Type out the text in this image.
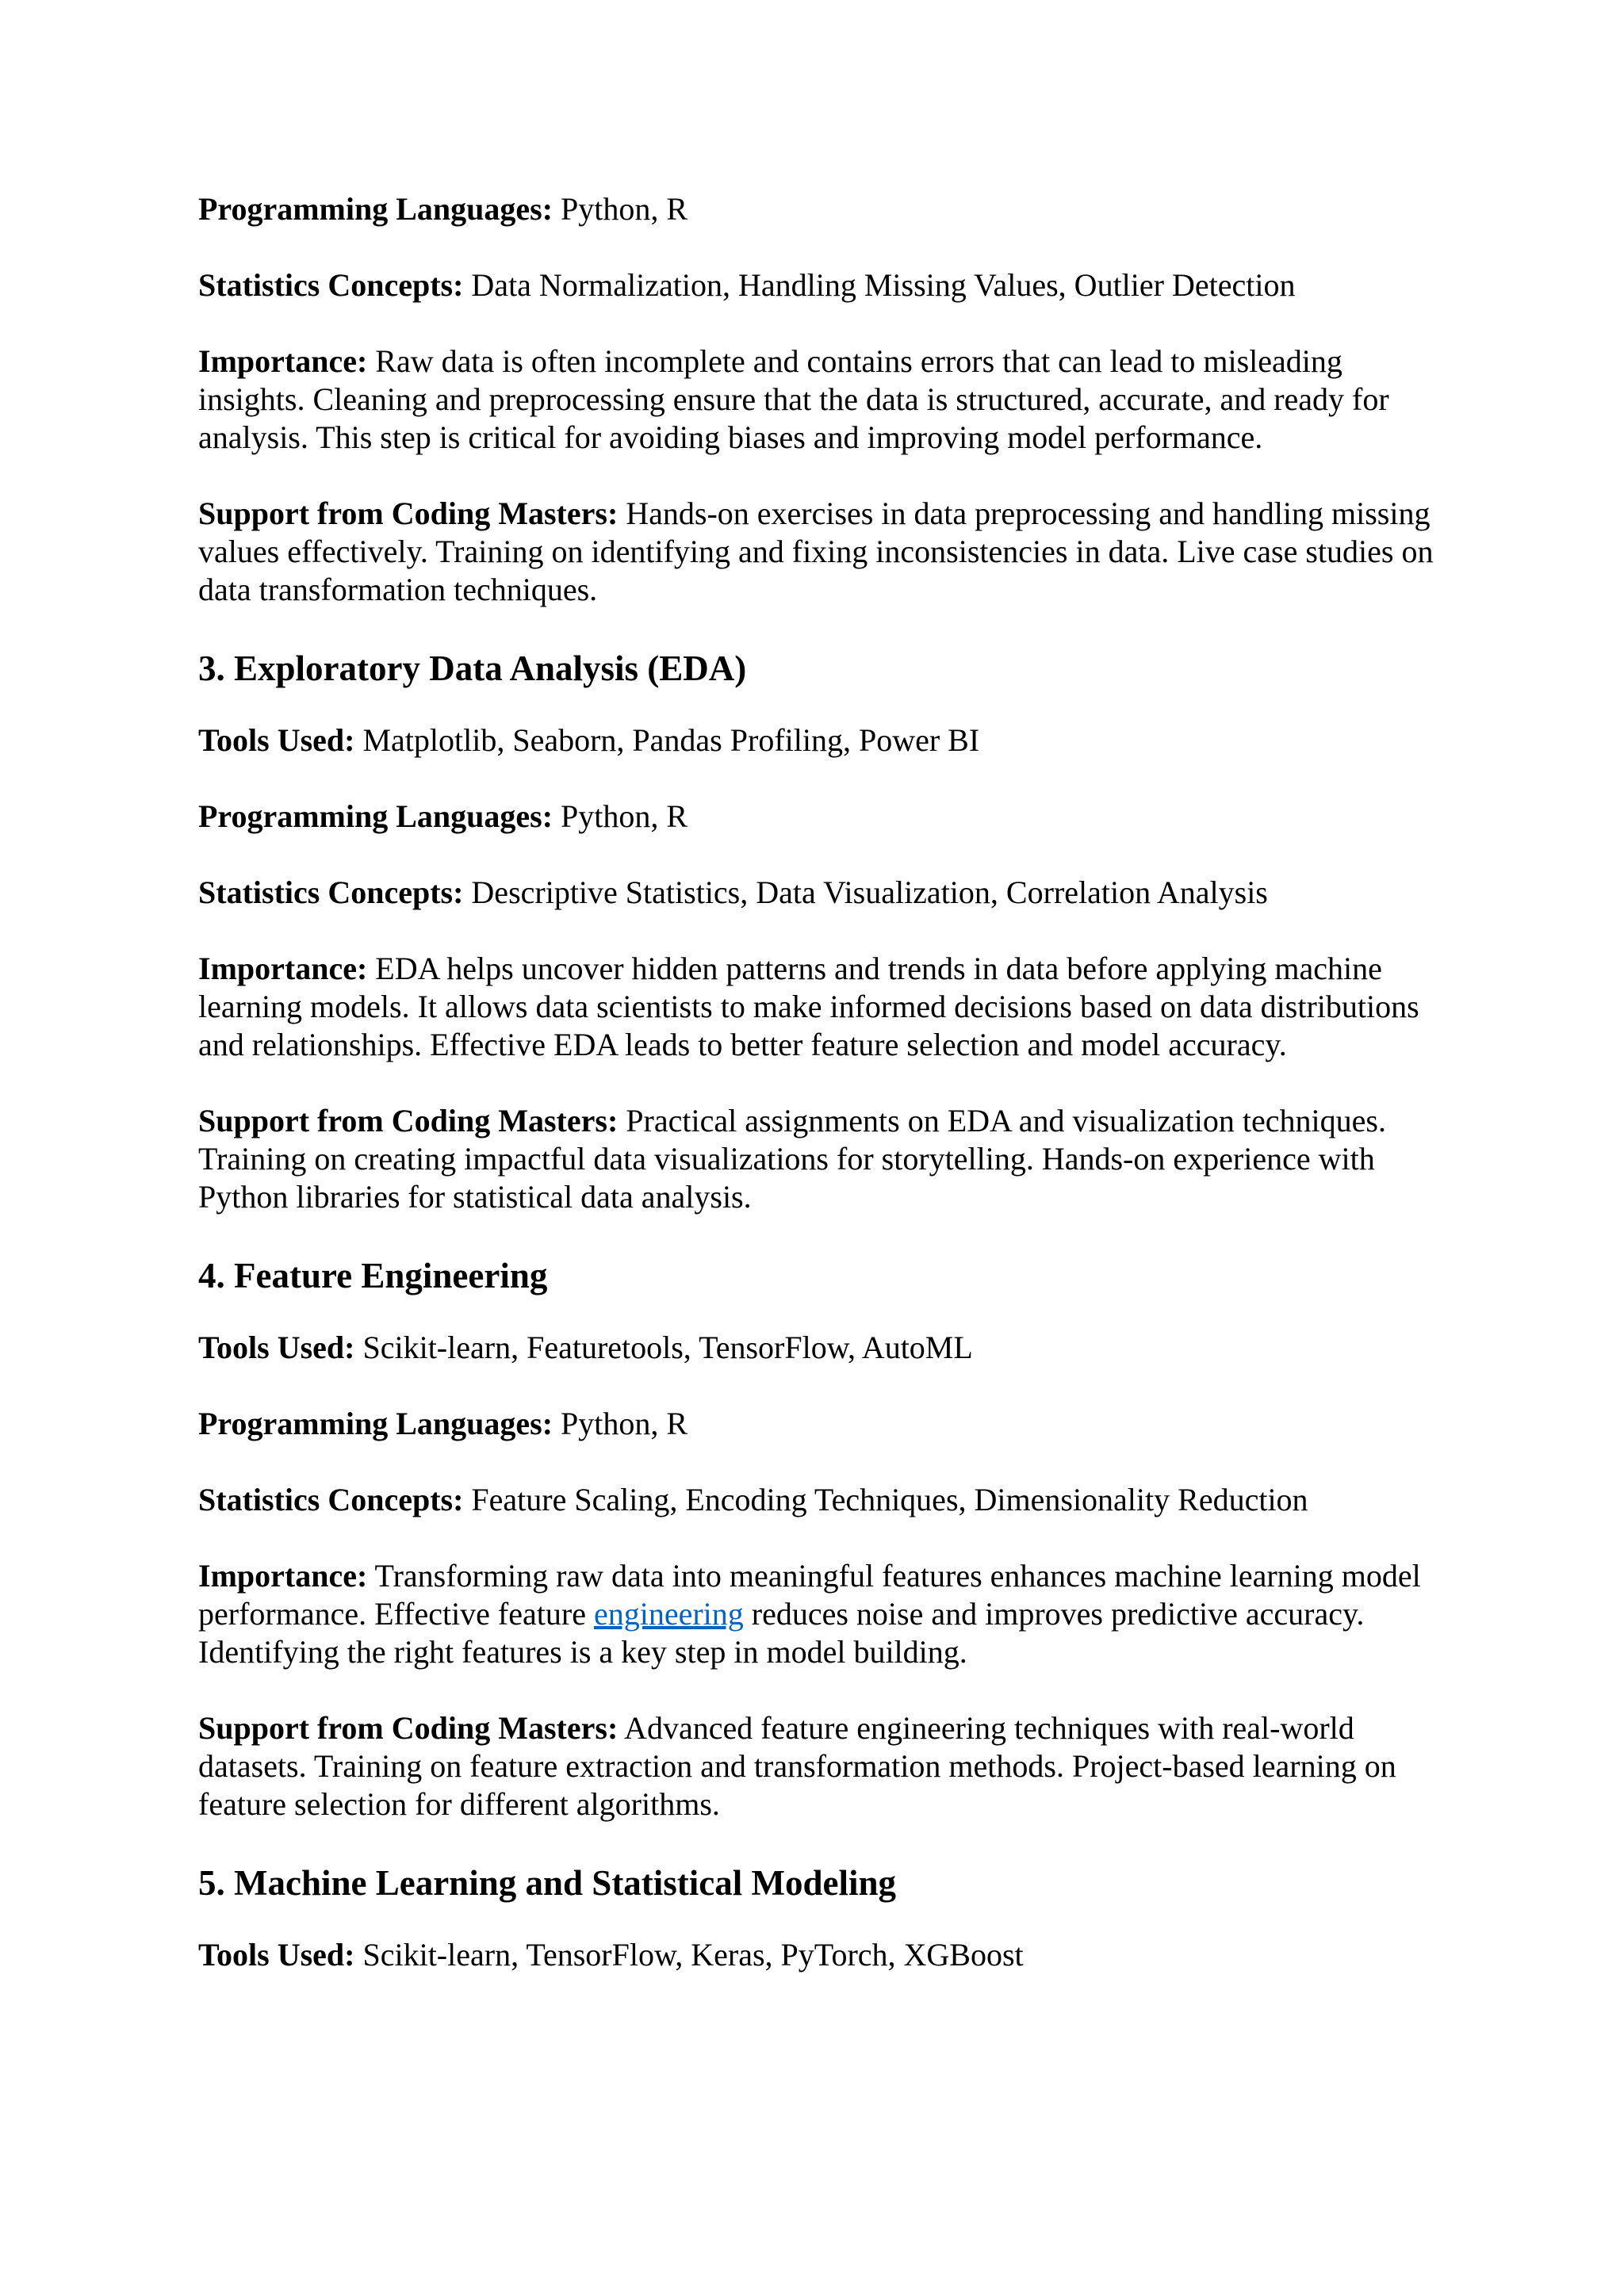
Programming Languages: Python, R

Statistics Concepts: Data Normalization, Handling Missing Values, Outlier Detection

Importance: Raw data is often incomplete and contains errors that can lead to misleading insights. Cleaning and preprocessing ensure that the data is structured, accurate, and ready for analysis. This step is critical for avoiding biases and improving model performance.

Support from Coding Masters: Hands-on exercises in data preprocessing and handling missing values effectively. Training on identifying and fixing inconsistencies in data. Live case studies on data transformation techniques.

3. Exploratory Data Analysis (EDA)

Tools Used: Matplotlib, Seaborn, Pandas Profiling, Power BI

Programming Languages: Python, R

Statistics Concepts: Descriptive Statistics, Data Visualization, Correlation Analysis

Importance: EDA helps uncover hidden patterns and trends in data before applying machine learning models. It allows data scientists to make informed decisions based on data distributions and relationships. Effective EDA leads to better feature selection and model accuracy.

Support from Coding Masters: Practical assignments on EDA and visualization techniques. Training on creating impactful data visualizations for storytelling. Hands-on experience with Python libraries for statistical data analysis.

4. Feature Engineering

Tools Used: Scikit-learn, Featuretools, TensorFlow, AutoML

Programming Languages: Python, R

Statistics Concepts: Feature Scaling, Encoding Techniques, Dimensionality Reduction

Importance: Transforming raw data into meaningful features enhances machine learning model performance. Effective feature engineering reduces noise and improves predictive accuracy. Identifying the right features is a key step in model building.

Support from Coding Masters: Advanced feature engineering techniques with real-world datasets. Training on feature extraction and transformation methods. Project-based learning on feature selection for different algorithms.

5. Machine Learning and Statistical Modeling

Tools Used: Scikit-learn, TensorFlow, Keras, PyTorch, XGBoost
